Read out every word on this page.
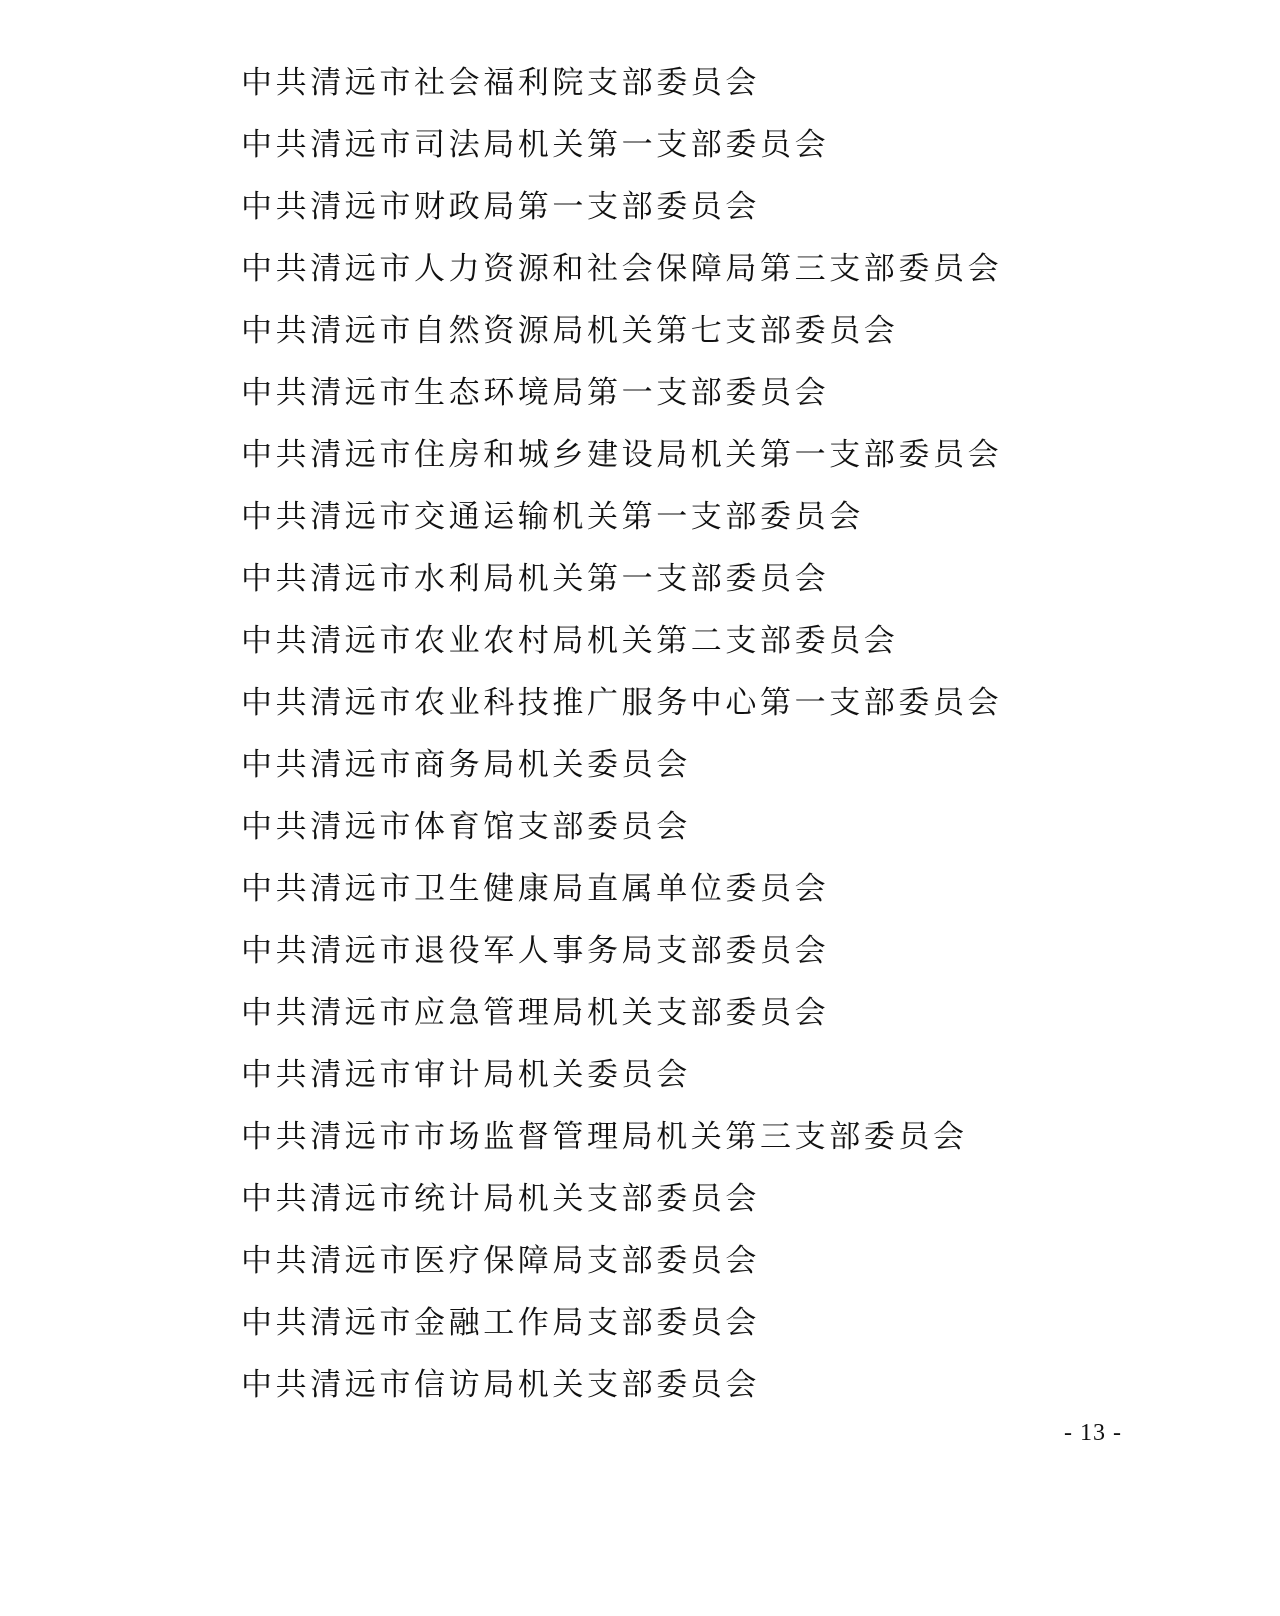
中共清远市社会福利院支部委员会
中共清远市司法局机关第一支部委员会
中共清远市财政局第一支部委员会
中共清远市人力资源和社会保障局第三支部委员会
中共清远市自然资源局机关第七支部委员会
中共清远市生态环境局第一支部委员会
中共清远市住房和城乡建设局机关第一支部委员会
中共清远市交通运输机关第一支部委员会
中共清远市水利局机关第一支部委员会
中共清远市农业农村局机关第二支部委员会
中共清远市农业科技推广服务中心第一支部委员会
中共清远市商务局机关委员会
中共清远市体育馆支部委员会
中共清远市卫生健康局直属单位委员会
中共清远市退役军人事务局支部委员会
中共清远市应急管理局机关支部委员会
中共清远市审计局机关委员会
中共清远市市场监督管理局机关第三支部委员会
中共清远市统计局机关支部委员会
中共清远市医疗保障局支部委员会
中共清远市金融工作局支部委员会
中共清远市信访局机关支部委员会
- 13 -
